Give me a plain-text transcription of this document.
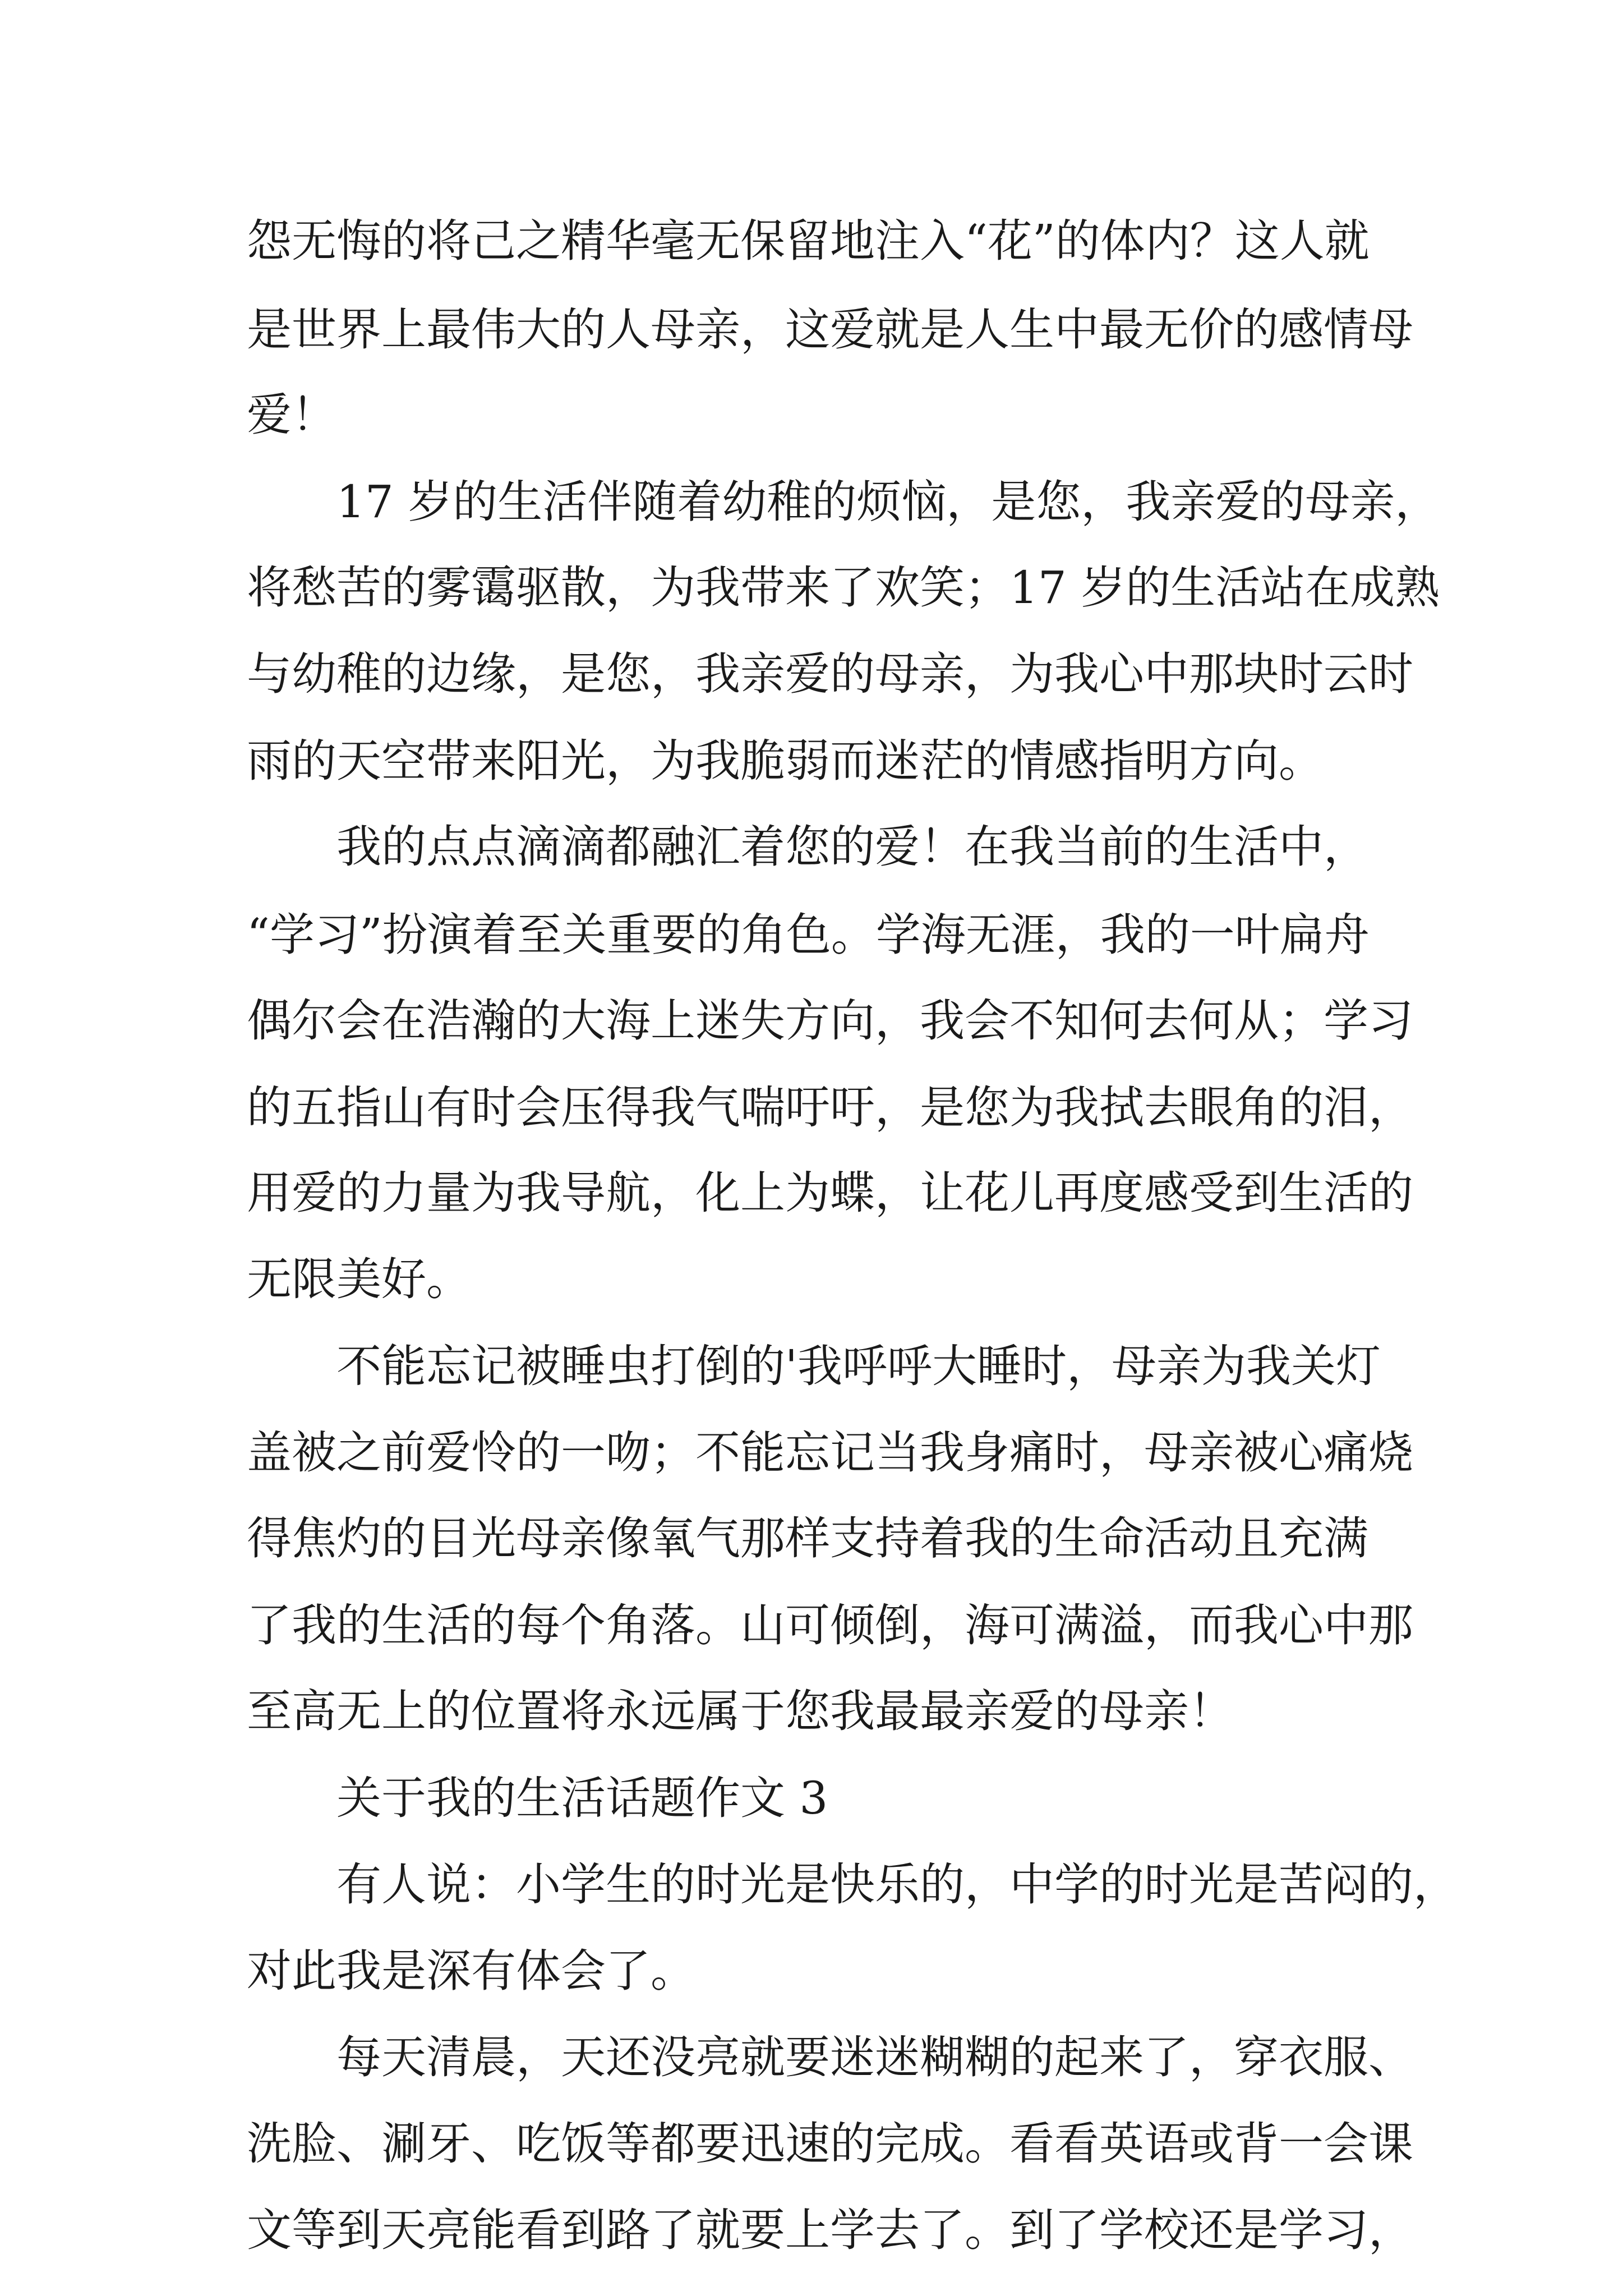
怨无悔的将己之精华毫无保留地注入“花”的体内？这人就
是世界上最伟大的人母亲，这爱就是人生中最无价的感情母
爱！
17 岁的生活伴随着幼稚的烦恼，是您，我亲爱的母亲，
将愁苦的雾霭驱散，为我带来了欢笑；17 岁的生活站在成熟
与幼稚的边缘，是您，我亲爱的母亲，为我心中那块时云时
雨的天空带来阳光，为我脆弱而迷茫的情感指明方向。
我的点点滴滴都融汇着您的爱！在我当前的生活中，
“学习”扮演着至关重要的角色。学海无涯，我的一叶扁舟
偶尔会在浩瀚的大海上迷失方向，我会不知何去何从；学习
的五指山有时会压得我气喘吁吁，是您为我拭去眼角的泪，
用爱的力量为我导航，化上为蝶，让花儿再度感受到生活的
无限美好。
不能忘记被睡虫打倒的'我呼呼大睡时，母亲为我关灯
盖被之前爱怜的一吻；不能忘记当我身痛时，母亲被心痛烧
得焦灼的目光母亲像氧气那样支持着我的生命活动且充满
了我的生活的每个角落。山可倾倒，海可满溢，而我心中那
至高无上的位置将永远属于您我最最亲爱的母亲！
关于我的生活话题作文 3
有人说：小学生的时光是快乐的，中学的时光是苦闷的，
对此我是深有体会了。
每天清晨，天还没亮就要迷迷糊糊的起来了，穿衣服、
洗脸、涮牙、吃饭等都要迅速的完成。看看英语或背一会课
文等到天亮能看到路了就要上学去了。到了学校还是学习，
